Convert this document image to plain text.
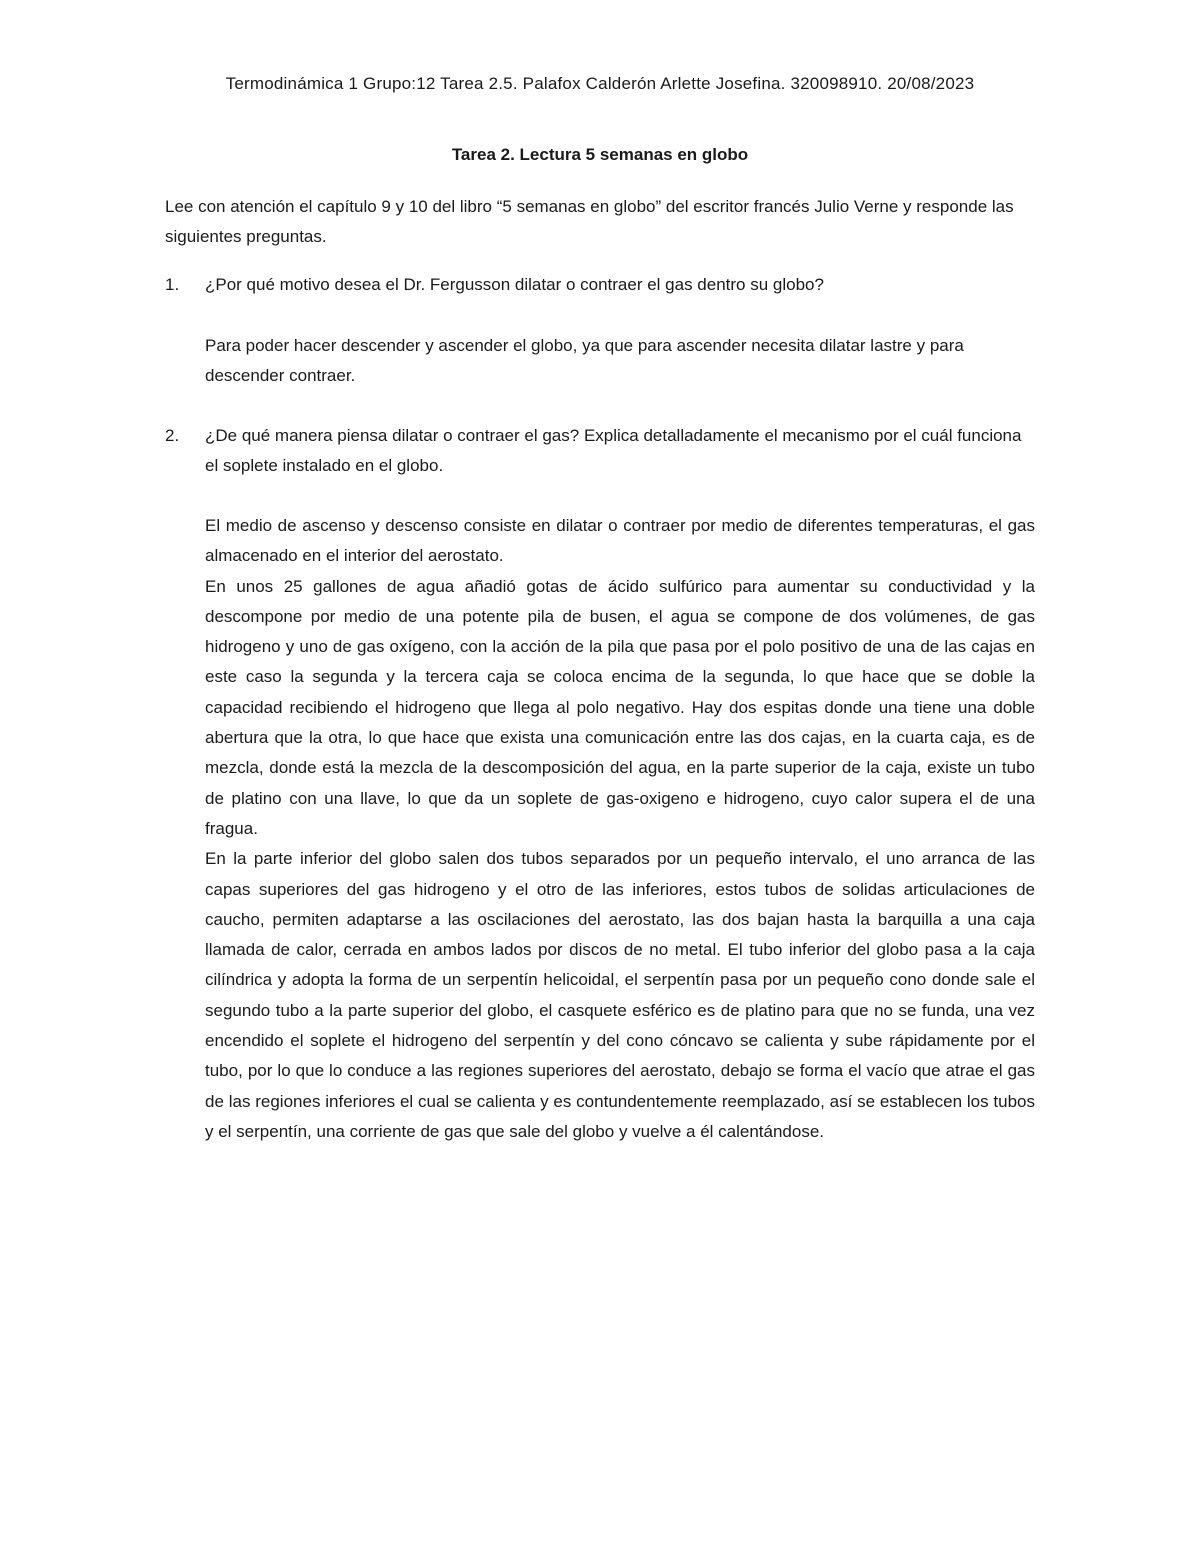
Termodinámica 1 Grupo:12 Tarea 2.5. Palafox Calderón Arlette Josefina. 320098910. 20/08/2023
Tarea 2. Lectura 5 semanas en globo
Lee con atención el capítulo 9 y 10 del libro “5 semanas en globo” del escritor francés Julio Verne y responde las siguientes preguntas.
1.	¿Por qué motivo desea el Dr. Fergusson dilatar o contraer el gas dentro su globo?
Para poder hacer descender y ascender el globo, ya que para ascender necesita dilatar lastre y para descender contraer.
2.	¿De qué manera piensa dilatar o contraer el gas? Explica detalladamente el mecanismo por el cuál funciona el soplete instalado en el globo.

El medio de ascenso y descenso consiste en dilatar o contraer por medio de diferentes temperaturas, el gas almacenado en el interior del aerostato.

En unos 25 gallones de agua añadió gotas de ácido sulfúrico para aumentar su conductividad y la descompone por medio de una potente pila de busen, el agua se compone de dos volúmenes, de gas hidrogeno y uno de gas oxígeno, con la acción de la pila que pasa por el polo positivo de una de las cajas en este caso la segunda y la tercera caja se coloca encima de la segunda, lo que hace que se doble la capacidad recibiendo el hidrogeno que llega al polo negativo. Hay dos espitas donde una tiene una doble abertura que la otra, lo que hace que exista una comunicación entre las dos cajas, en la cuarta caja, es de mezcla, donde está la mezcla de la descomposición del agua, en la parte superior de la caja, existe un tubo de platino con una llave, lo que da un soplete de gas-oxigeno e hidrogeno, cuyo calor supera el de una fragua.

En la parte inferior del globo salen dos tubos separados por un pequeño intervalo, el uno arranca de las capas superiores del gas hidrogeno y el otro de las inferiores, estos tubos de solidas articulaciones de caucho, permiten adaptarse a las oscilaciones del aerostato, las dos bajan hasta la barquilla a una caja llamada de calor, cerrada en ambos lados por discos de no metal. El tubo inferior del globo pasa a la caja cilíndrica y adopta la forma de un serpentín helicoidal, el serpentín pasa por un pequeño cono donde sale el segundo tubo a la parte superior del globo, el casquete esférico es de platino para que no se funda, una vez encendido el soplete el hidrogeno del serpentín y del cono cóncavo se calienta y sube rápidamente por el tubo, por lo que lo conduce a las regiones superiores del aerostato, debajo se forma el vacío que atrae el gas de las regiones inferiores el cual se calienta y es contundentemente reemplazado, así se establecen los tubos y el serpentín, una corriente de gas que sale del globo y vuelve a él calentándose.
